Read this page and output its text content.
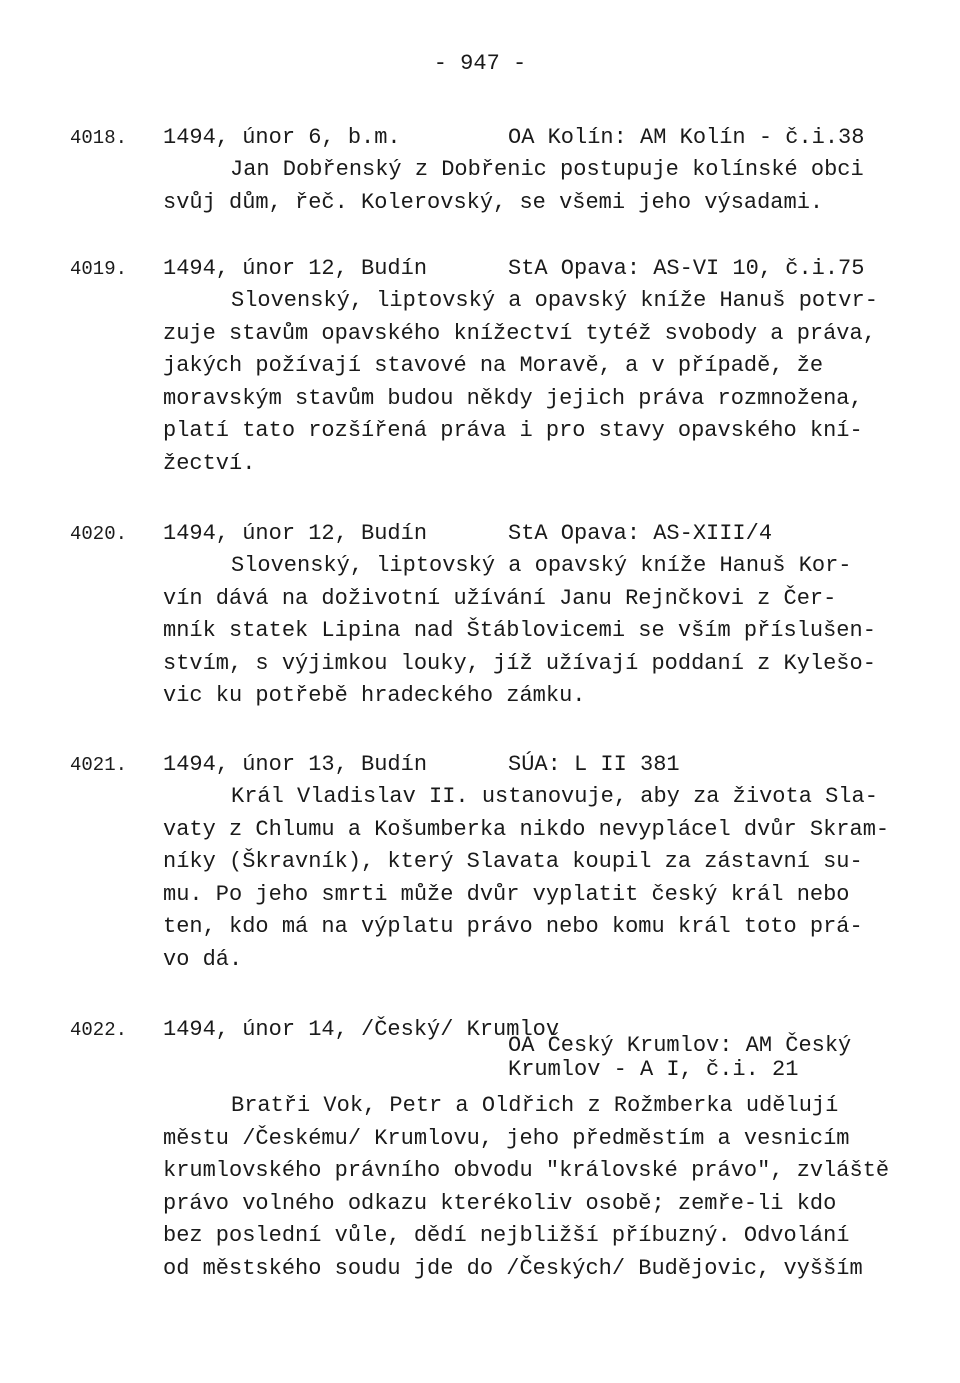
- 947 -
4018.

1494, únor 6, b.m.

	OA Kolín: AM Kolín - č.i.38

Jan Dobřenský z Dobřenic postupuje kolínské obci
svůj dům, řeč. Kolerovský, se všemi jeho výsadami.
4019.

1494, únor 12, Budín

	StA Opava: AS-VI 10, č.i.75

Slovenský, liptovský a opavský kníže Hanuš potvr-
zuje stavům opavského knížectví tytéž svobody a práva,
jakých požívají stavové na Moravě, a v případě, že
moravským stavům budou někdy jejich práva rozmnožena,
platí tato rozšířená práva i pro stavy opavského kní-
žectví.
4020.

1494, únor 12, Budín

	StA Opava: AS-XIII/4

Slovenský, liptovský a opavský kníže Hanuš Kor-
vín dává na doživotní užívání Janu Rejnčkovi z Čer-
mník statek Lipina nad Štáblovicemi se vším příslušen-
stvím, s výjimkou louky, jíž užívají poddaní z Kylešo-
vic ku potřebě hradeckého zámku.
4021.

1494, únor 13, Budín

	SÚA: L II 381

Král Vladislav II. ustanovuje, aby za života Sla-
vaty z Chlumu a Košumberka nikdo nevyplácel dvůr Skram-
níky (Škravník), který Slavata koupil za zástavní su-
mu. Po jeho smrti může dvůr vyplatit český král nebo
ten, kdo má na výplatu právo nebo komu král toto prá-
vo dá.
4022.

1494, únor 14, /Český/ Krumlov

OA Český Krumlov: AM Český
Krumlov - A I, č.i. 21
Bratři Vok, Petr a Oldřich z Rožmberka udělují
městu /Českému/ Krumlovu, jeho předměstím a vesnicím
krumlovského právního obvodu "královské právo", zvláště
právo volného odkazu kterékoliv osobě; zemře-li kdo
bez poslední vůle, dědí nejbližší příbuzný. Odvolání
od městského soudu jde do /Českých/ Budějovic, vyšším
